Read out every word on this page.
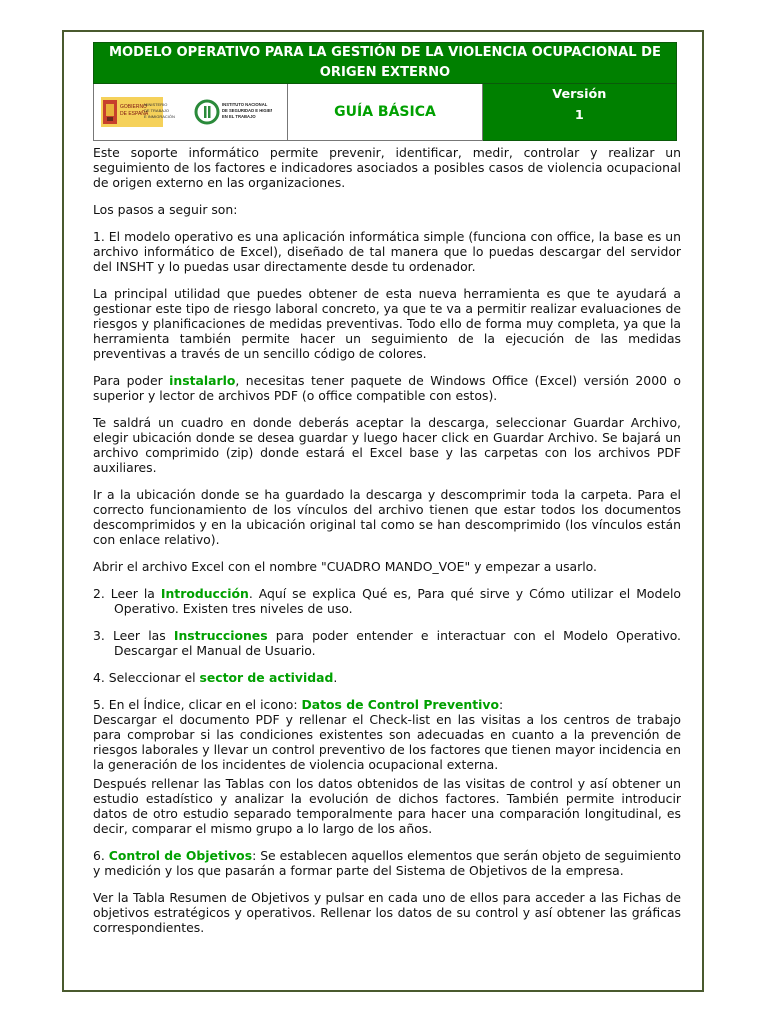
MODELO OPERATIVO PARA LA GESTIÓN DE LA VIOLENCIA OCUPACIONAL DE ORIGEN EXTERNO

GOBIERNO
DE ESPAÑA
MINISTERIO
DE TRABAJO
E INMIGRACIÓN
INSTITUTO NACIONAL
DE SEGURIDAD E HIGIENE
EN EL TRABAJO	GUÍA BÁSICA	
Versión
1

Este soporte informático permite prevenir, identificar, medir, controlar y realizar un seguimiento de los factores e indicadores asociados a posibles casos de violencia ocupacional de origen externo en las organizaciones.

Los pasos a seguir son:

1. El modelo operativo es una aplicación informática simple (funciona con office, la base es un archivo informático de Excel), diseñado de tal manera que lo puedas descargar del servidor del INSHT y lo puedas usar directamente desde tu ordenador.

La principal utilidad que puedes obtener de esta nueva herramienta es que te ayudará a gestionar este tipo de riesgo laboral concreto, ya que te va a permitir realizar evaluaciones de riesgos y planificaciones de medidas preventivas. Todo ello de forma muy completa, ya que la herramienta también permite hacer un seguimiento de la ejecución de las medidas preventivas a través de un sencillo código de colores.

Para poder instalarlo, necesitas tener paquete de Windows Office (Excel) versión 2000 o superior y lector de archivos PDF (o office compatible con estos).

Te saldrá un cuadro en donde deberás aceptar la descarga, seleccionar Guardar Archivo, elegir ubicación donde se desea guardar y luego hacer click en Guardar Archivo. Se bajará un archivo comprimido (zip) donde estará el Excel base y las carpetas con los archivos PDF auxiliares.

Ir a la ubicación donde se ha guardado la descarga y descomprimir toda la carpeta. Para el correcto funcionamiento de los vínculos del archivo tienen que estar todos los documentos descomprimidos y en la ubicación original tal como se han descomprimido (los vínculos están con enlace relativo).

Abrir el archivo Excel con el nombre "CUADRO MANDO_VOE" y empezar a usarlo.

2. Leer la Introducción. Aquí se explica Qué es, Para qué sirve y Cómo utilizar el Modelo Operativo. Existen tres niveles de uso.

3. Leer las Instrucciones para poder entender e interactuar con el Modelo Operativo. Descargar el Manual de Usuario.

4. Seleccionar el sector de actividad.

5. En el Índice, clicar en el icono: Datos de Control Preventivo:

Descargar el documento PDF y rellenar el Check-list en las visitas a los centros de trabajo para comprobar si las condiciones existentes son adecuadas en cuanto a la prevención de riesgos laborales y llevar un control preventivo de los factores que tienen mayor incidencia en la generación de los incidentes de violencia ocupacional externa.

Después rellenar las Tablas con los datos obtenidos de las visitas de control y así obtener un estudio estadístico y analizar la evolución de dichos factores. También permite introducir datos de otro estudio separado temporalmente para hacer una comparación longitudinal, es decir, comparar el mismo grupo a lo largo de los años.

6. Control de Objetivos: Se establecen aquellos elementos que serán objeto de seguimiento y medición y los que pasarán a formar parte del Sistema de Objetivos de la empresa.

Ver la Tabla Resumen de Objetivos y pulsar en cada uno de ellos para acceder a las Fichas de objetivos estratégicos y operativos. Rellenar los datos de su control y así obtener las gráficas correspondientes.
